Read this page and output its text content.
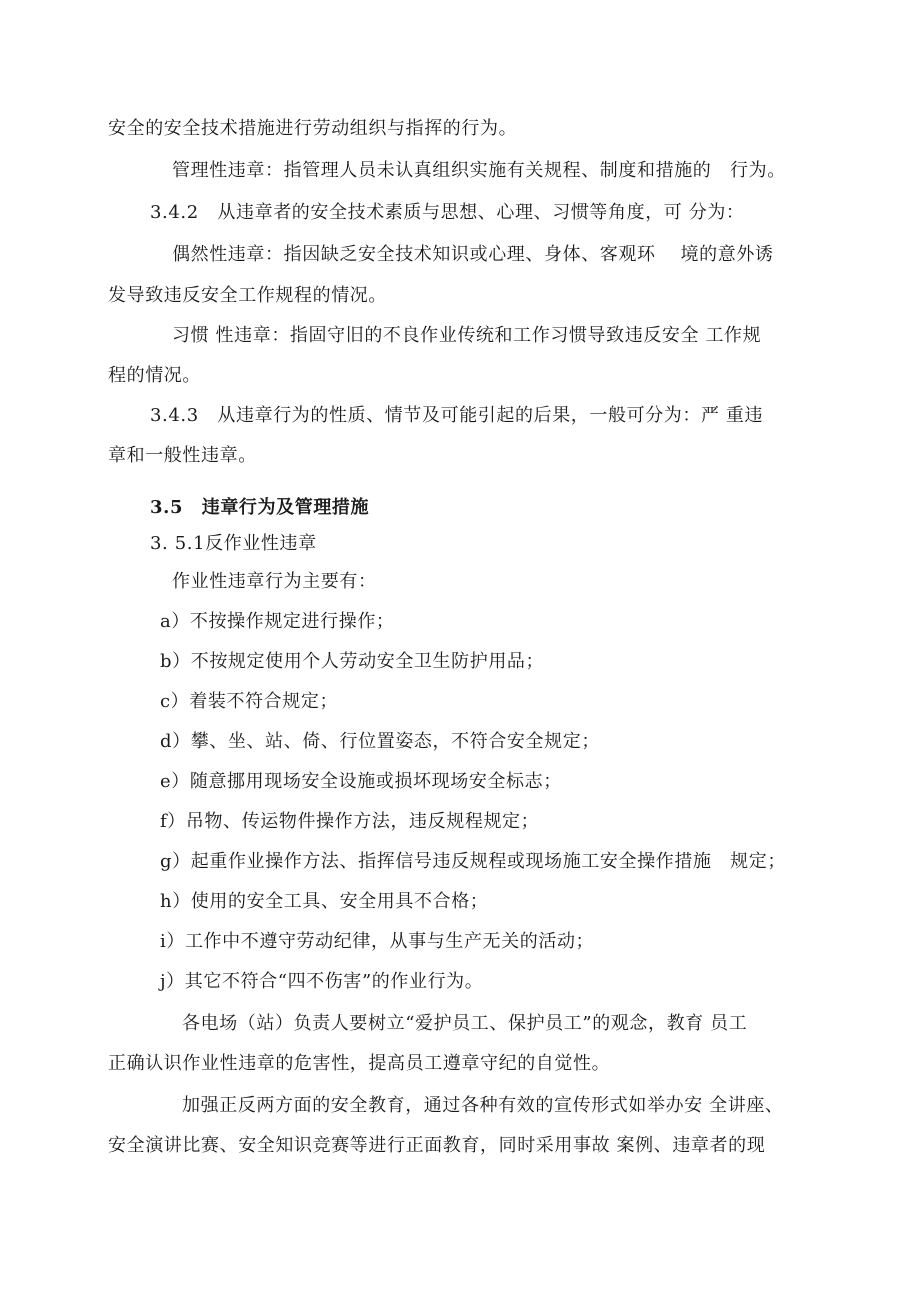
安全的安全技术措施进行劳动组织与指挥的行为。
管理性违章：指管理人员未认真组织实施有关规程、制度和措施的　行为。
3.4.2　从违章者的安全技术素质与思想、心理、习惯等角度，可 分为：
偶然性违章：指因缺乏安全技术知识或心理、身体、客观环　 境的意外诱
发导致违反安全工作规程的情况。
习惯 性违章：指固守旧的不良作业传统和工作习惯导致违反安全 工作规
程的情况。
3.4.3　从违章行为的性质、情节及可能引起的后果，一般可分为：严 重违
章和一般性违章。
3.5　违章行为及管理措施
3. 5.1反作业性违章
作业性违章行为主要有：
a）不按操作规定进行操作；
b）不按规定使用个人劳动安全卫生防护用品；
c）着装不符合规定；
d）攀、坐、站、倚、行位置姿态，不符合安全规定；
e）随意挪用现场安全设施或损坏现场安全标志；
f）吊物、传运物件操作方法，违反规程规定；
g）起重作业操作方法、指挥信号违反规程或现场施工安全操作措施　规定；
h）使用的安全工具、安全用具不合格；
i）工作中不遵守劳动纪律，从事与生产无关的活动；
j）其它不符合“四不伤害”的作业行为。
各电场（站）负责人要树立“爱护员工、保护员工”的观念，教育 员工
正确认识作业性违章的危害性，提高员工遵章守纪的自觉性。
加强正反两方面的安全教育，通过各种有效的宣传形式如举办安 全讲座、
安全演讲比赛、安全知识竞赛等进行正面教育，同时采用事故 案例、违章者的现
